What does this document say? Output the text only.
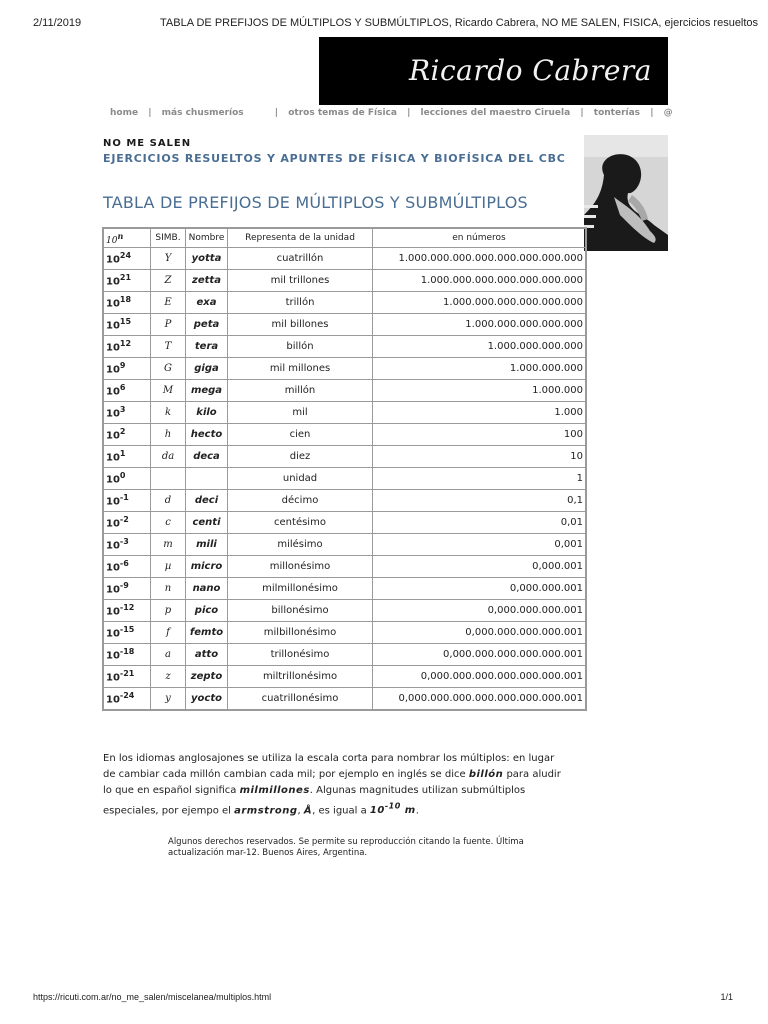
2/11/2019	TABLA DE PREFIJOS DE MÚLTIPLOS Y SUBMÚLTIPLOS, Ricardo Cabrera, NO ME SALEN, FISICA, ejercicios resueltos
Ricardo Cabrera
home | más chusmeríos	| otros temas de Física | lecciones del maestro Ciruela | tonterías | @
NO ME SALEN
EJERCICIOS RESUELTOS Y APUNTES DE FÍSICA Y BIOFÍSICA DEL CBC
TABLA DE PREFIJOS DE MÚLTIPLOS Y SUBMÚLTIPLOS
10$^n$	SIMB.	Nombre	Representa de la unidad	en números
$10^{24}$	Y	yotta	cuatrillón	1.000.000.000.000.000.000.000.000
$10^{21}$	Z	zetta	mil trillones	1.000.000.000.000.000.000.000
$10^{18}$	E	exa	trillón	1.000.000.000.000.000.000
$10^{15}$	P	peta	mil billones	1.000.000.000.000.000
$10^{12}$	T	tera	billón	1.000.000.000.000
$10^9$	G	giga	mil millones	1.000.000.000
$10^6$	M	mega	millón	1.000.000
$10^3$	k	kilo	mil	1.000
$10^2$	h	hecto	cien	100
$10^1$	da	deca	diez	10
$10^0$			unidad	1
$10^{-1}$	d	deci	décimo	0,1
$10^{-2}$	c	centi	centésimo	0,01
$10^{-3}$	m	mili	milésimo	0,001
$10^{-6}$	µ	micro	millonésimo	0,000.001
$10^{-9}$	n	nano	milmillonésimo	0,000.000.001
$10^{-12}$	p	pico	billonésimo	0,000.000.000.001
$10^{-15}$	f	femto	milbillonésimo	0,000.000.000.000.001
$10^{-18}$	a	atto	trillonésimo	0,000.000.000.000.000.001
$10^{-21}$	z	zepto	miltrillonésimo	0,000.000.000.000.000.000.001
$10^{-24}$	y	yocto	cuatrillonésimo	0,000.000.000.000.000.000.000.001
En los idiomas anglosajones se utiliza la escala corta para nombrar los múltiplos: en lugar
de cambiar cada millón cambian cada mil; por ejemplo en inglés se dice billón para aludir
lo que en español significa milmillones. Algunas magnitudes utilizan submúltiplos
especiales, por ejempo el armstrong, Å, es igual a $10^{-10}$ m.
Algunos derechos reservados. Se permite su reproducción citando la fuente. Última
actualización mar-12. Buenos Aires, Argentina.
https://ricuti.com.ar/no_me_salen/miscelanea/multiplos.html	1/1
